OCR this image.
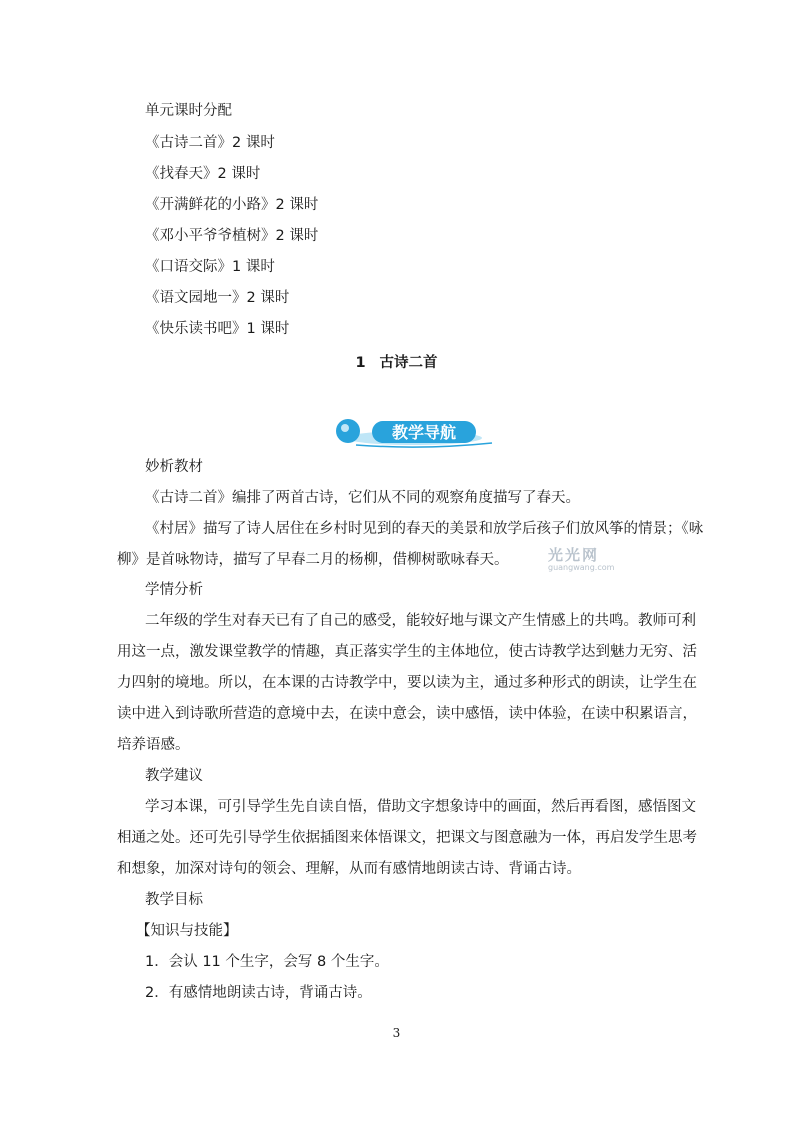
单元课时分配

《古诗二首》2 课时

《找春天》2 课时

《开满鲜花的小路》2 课时

《邓小平爷爷植树》2 课时

《口语交际》1 课时

《语文园地一》2 课时

《快乐读书吧》1 课时

1 古诗二首
教学导航

妙析教材

《古诗二首》编排了两首古诗，它们从不同的观察角度描写了春天。

《村居》描写了诗人居住在乡村时见到的春天的美景和放学后孩子们放风筝的情景；《咏

柳》是首咏物诗，描写了早春二月的杨柳，借柳树歌咏春天。	光光网
guangwang.com

学情分析

二年级的学生对春天已有了自己的感受，能较好地与课文产生情感上的共鸣。教师可利

用这一点，激发课堂教学的情趣，真正落实学生的主体地位，使古诗教学达到魅力无穷、活

力四射的境地。所以，在本课的古诗教学中，要以读为主，通过多种形式的朗读，让学生在

读中进入到诗歌所营造的意境中去，在读中意会，读中感悟，读中体验，在读中积累语言，

培养语感。

教学建议

学习本课，可引导学生先自读自悟，借助文字想象诗中的画面，然后再看图，感悟图文

相通之处。还可先引导学生依据插图来体悟课文，把课文与图意融为一体，再启发学生思考

和想象，加深对诗句的领会、理解，从而有感情地朗读古诗、背诵古诗。

教学目标

【知识与技能】

1．会认 11 个生字，会写 8 个生字。

2．有感情地朗读古诗，背诵古诗。

3
